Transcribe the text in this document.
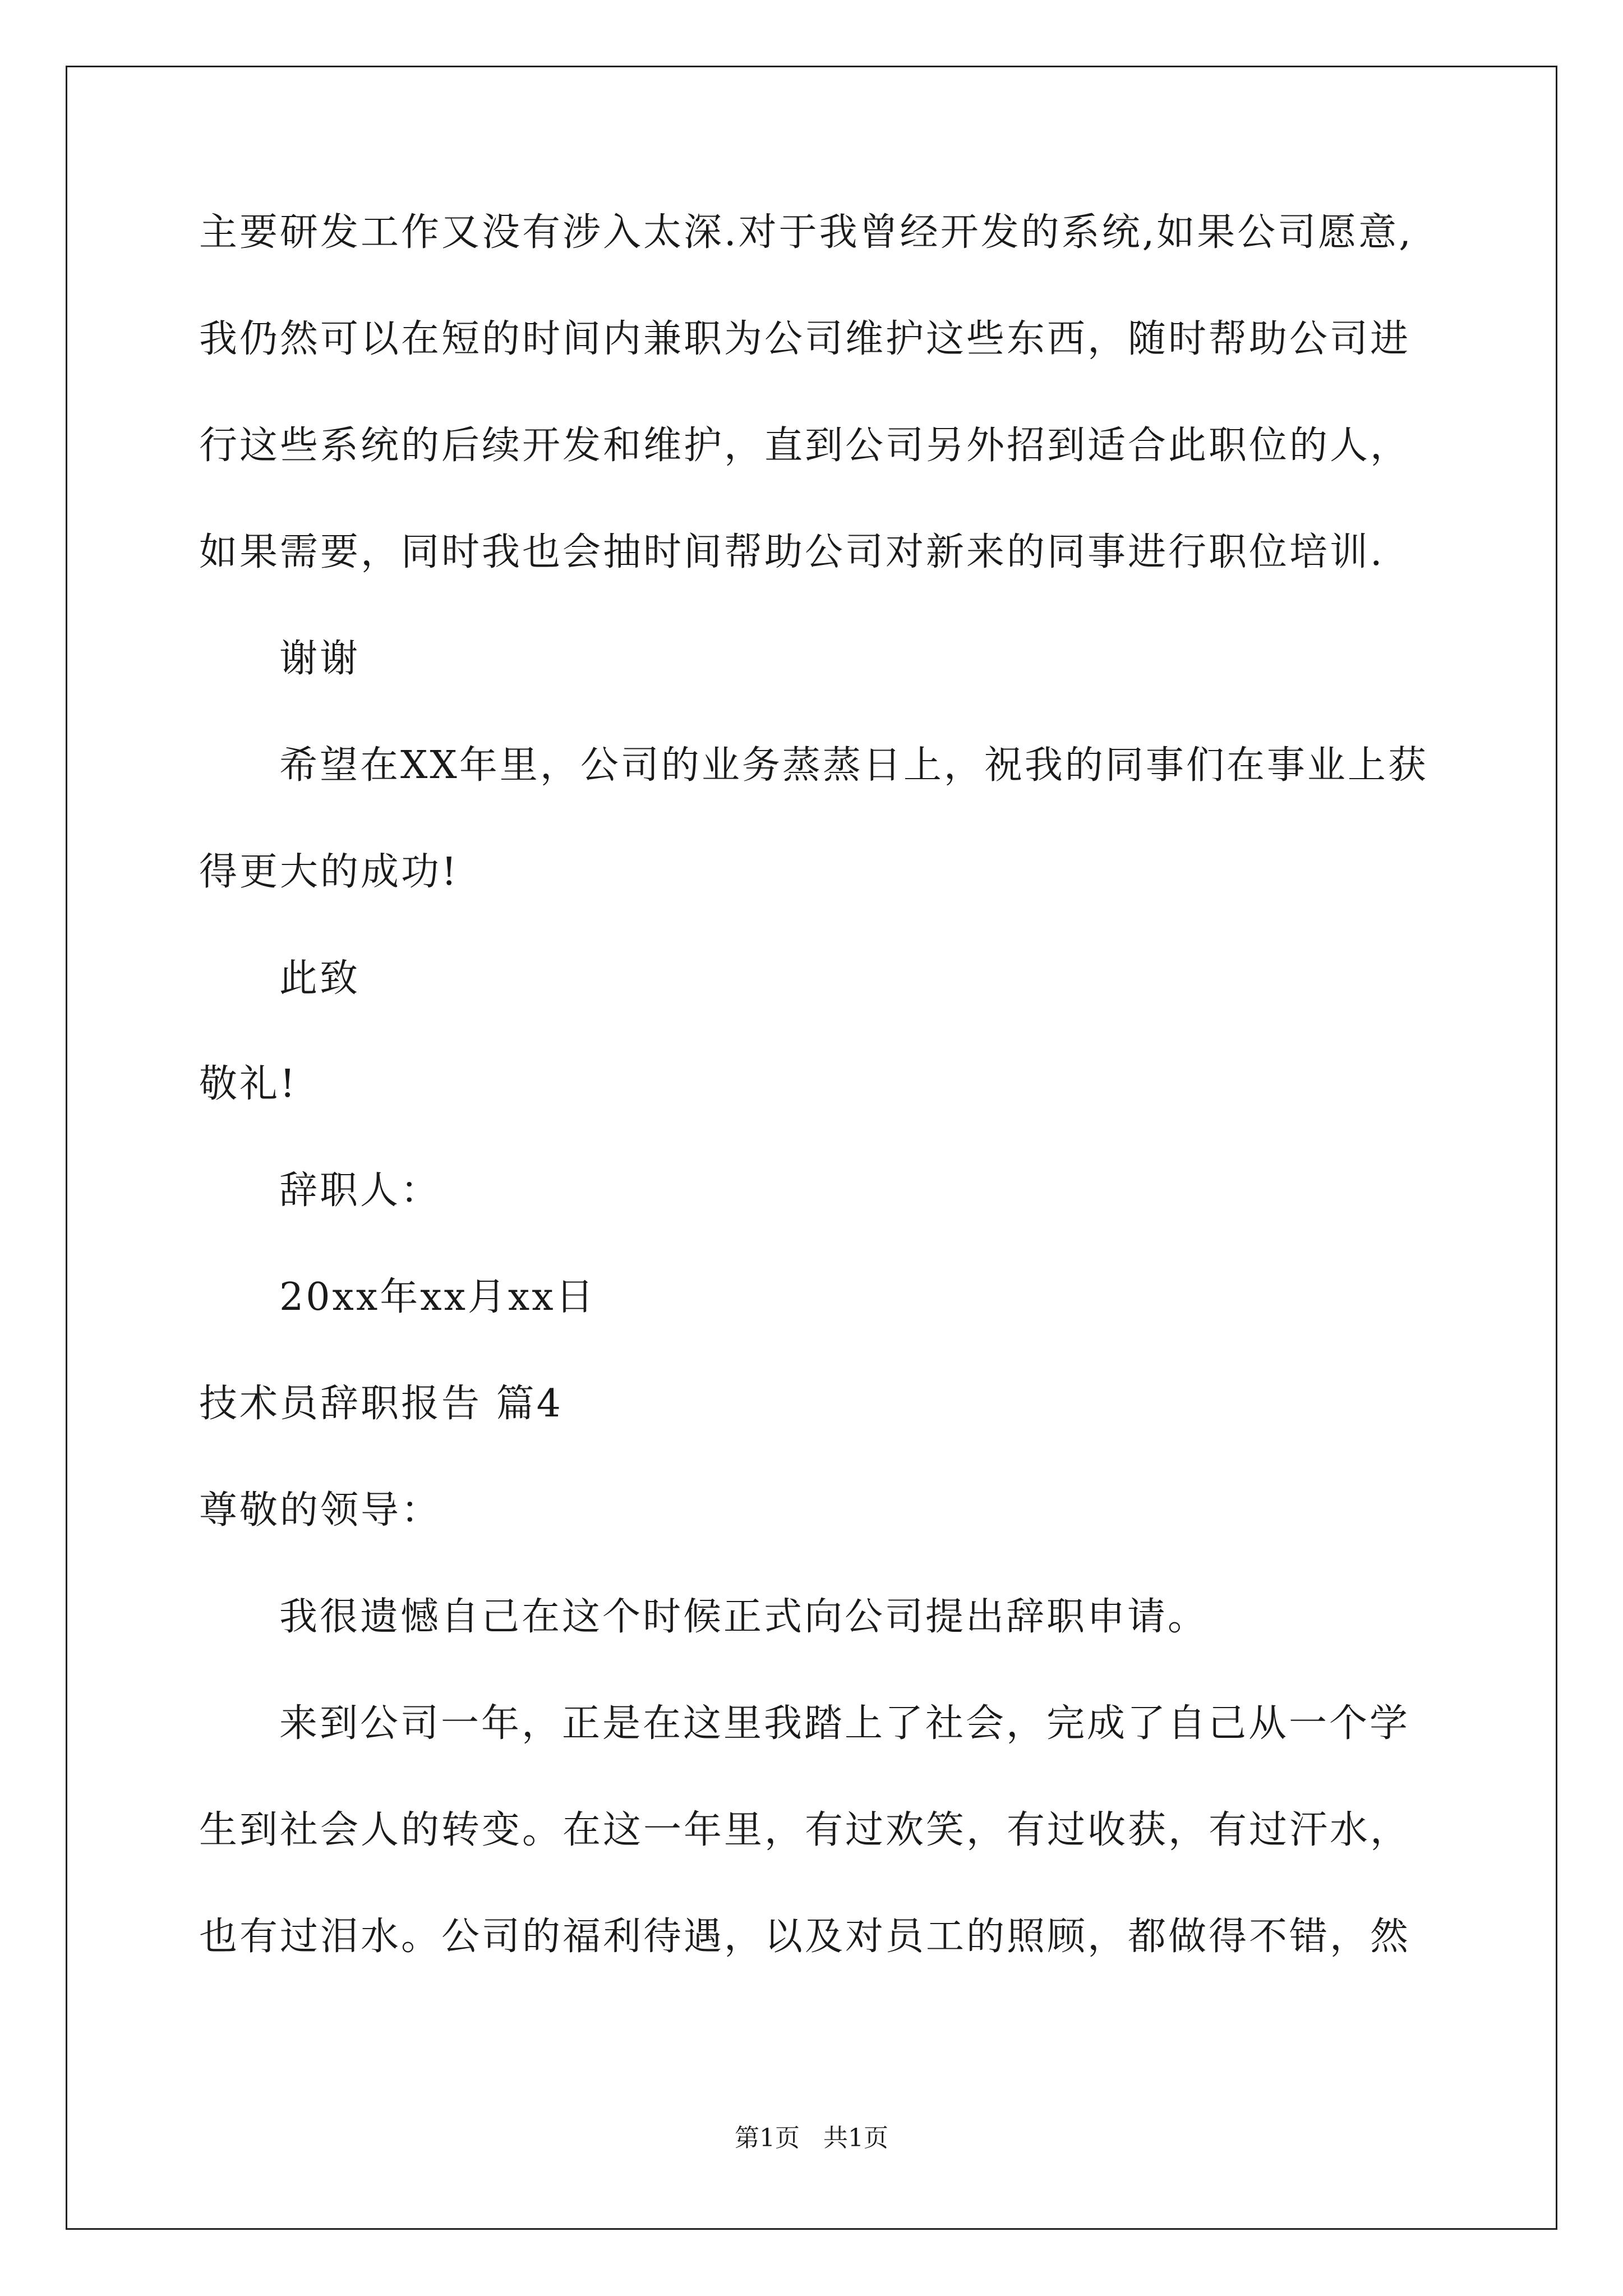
主要研发工作又没有涉入太深.对于我曾经开发的系统,如果公司愿意,
我仍然可以在短的时间内兼职为公司维护这些东西，随时帮助公司进
行这些系统的后续开发和维护，直到公司另外招到适合此职位的人，
如果需要，同时我也会抽时间帮助公司对新来的同事进行职位培训.
谢谢
希望在XX年里，公司的业务蒸蒸日上，祝我的同事们在事业上获
得更大的成功!
此致
敬礼!
辞职人：
20xx年xx月xx日
技术员辞职报告 篇4
尊敬的领导：
我很遗憾自己在这个时候正式向公司提出辞职申请。
来到公司一年，正是在这里我踏上了社会，完成了自己从一个学
生到社会人的转变。在这一年里，有过欢笑，有过收获，有过汗水，
也有过泪水。公司的福利待遇，以及对员工的照顾，都做得不错，然
第1页   共1页
